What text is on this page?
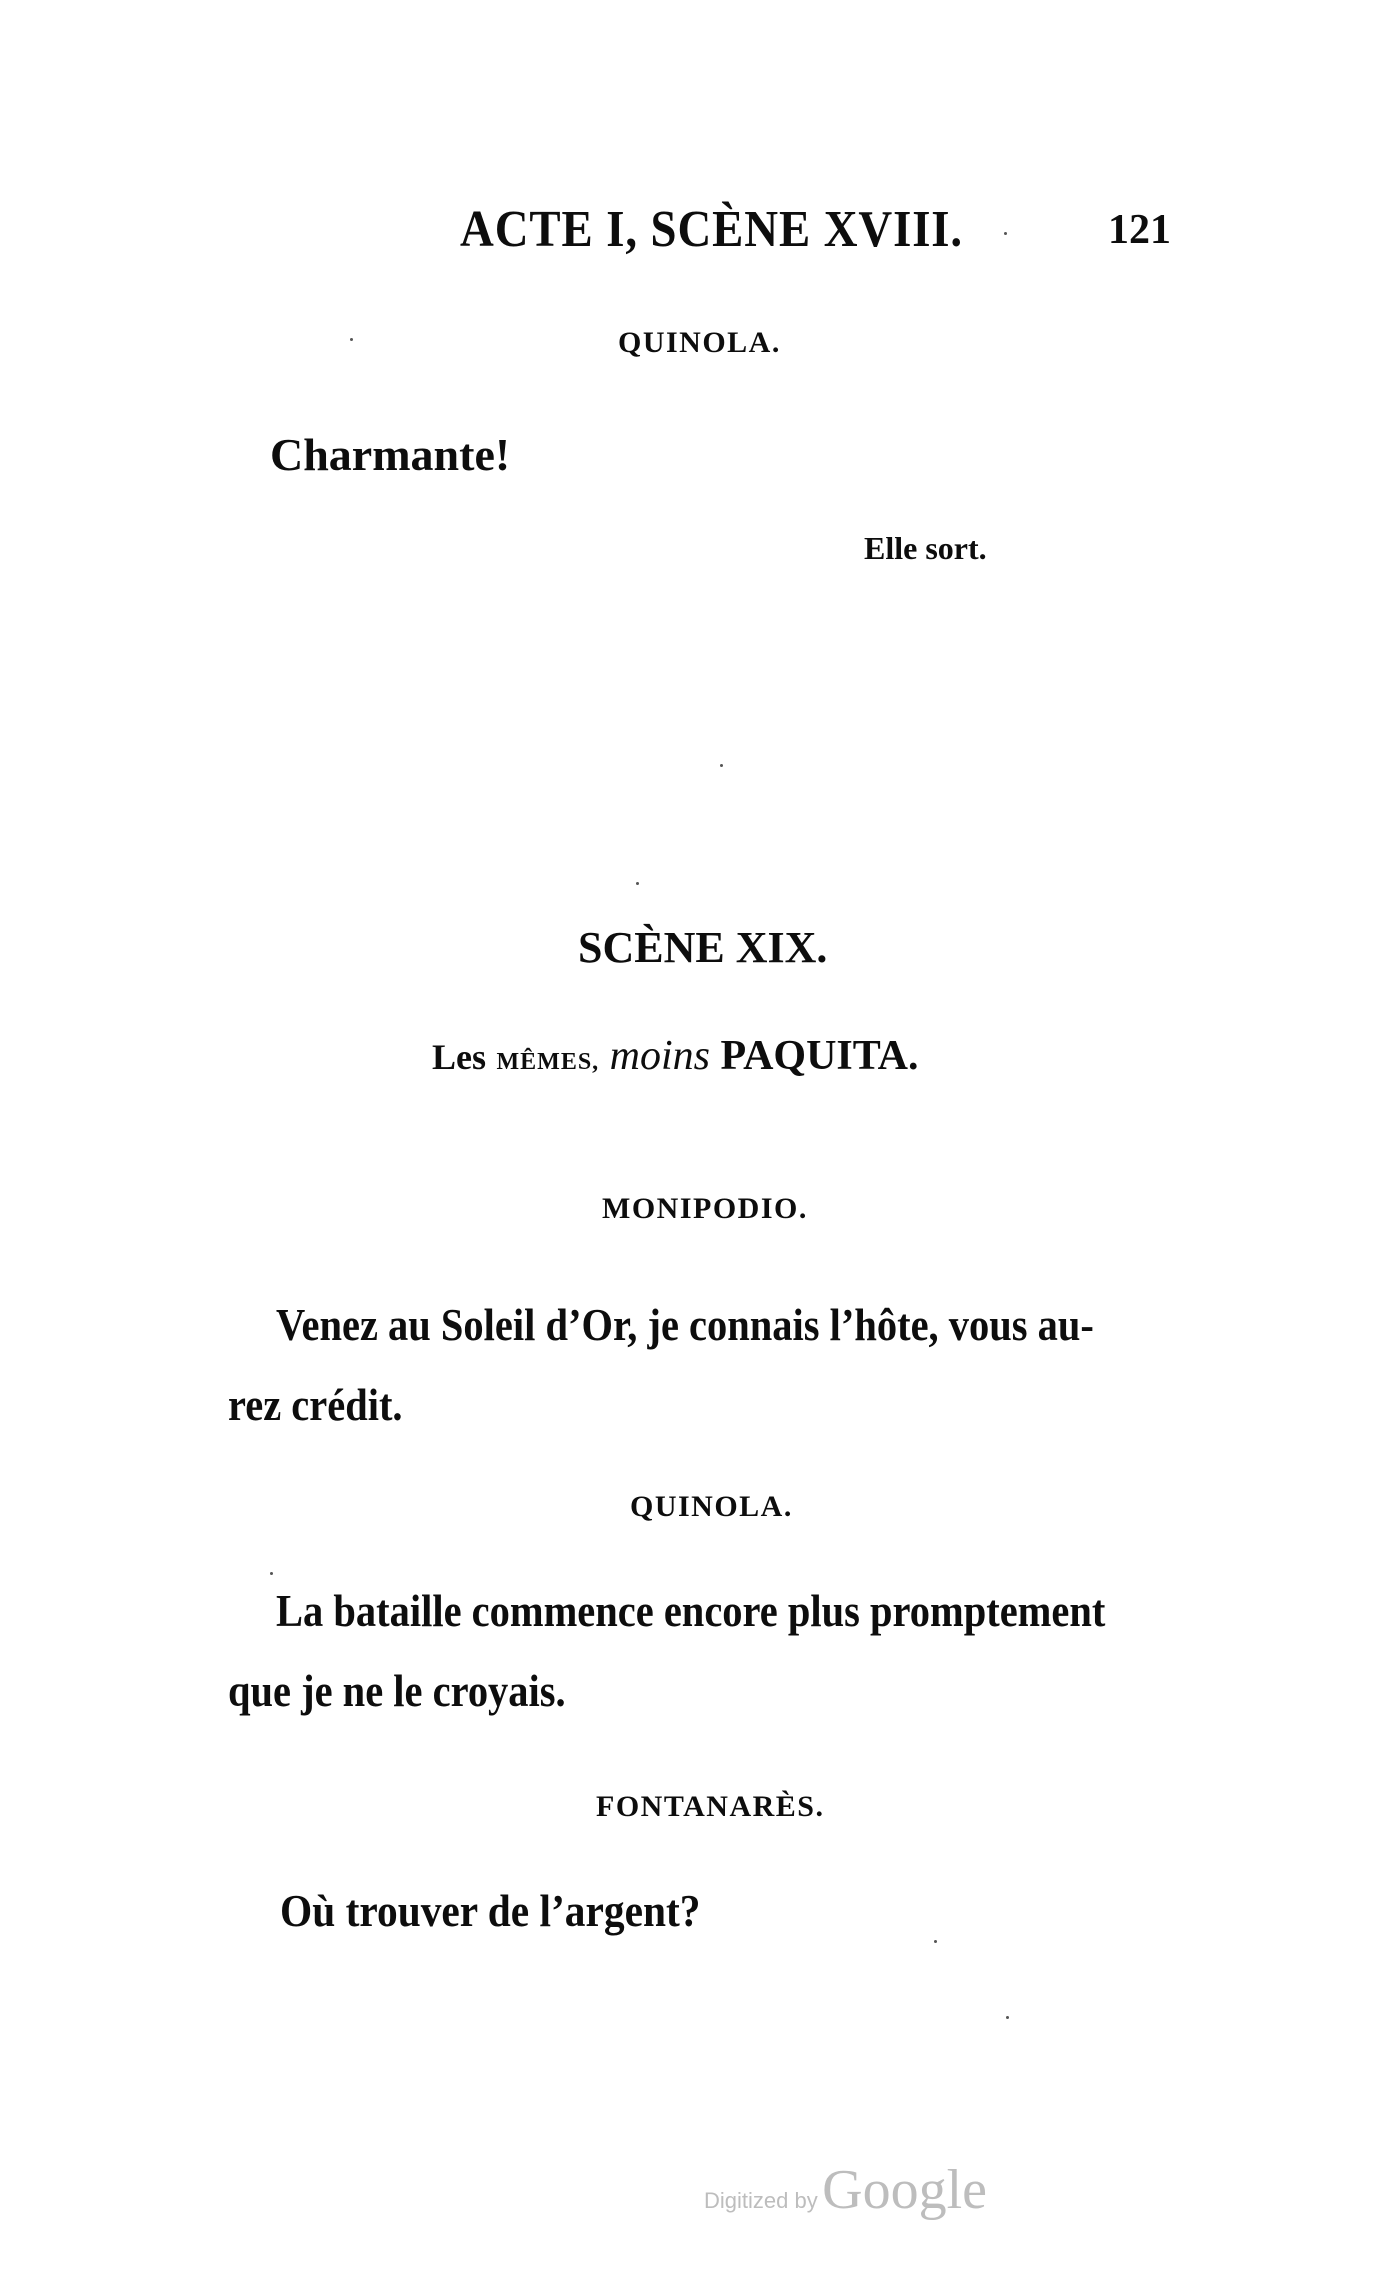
ACTE I, SCÈNE XVIII.	121
QUINOLA.
Charmante!
Elle sort.
SCÈNE XIX.
Les MÊMES, moins PAQUITA.
MONIPODIO.
Venez au Soleil d’Or, je connais l’hôte, vous au-
rez crédit.
QUINOLA.
La bataille commence encore plus promptement
que je ne le croyais.
FONTANARÈS.
Où trouver de l’argent?
Digitized by Google
